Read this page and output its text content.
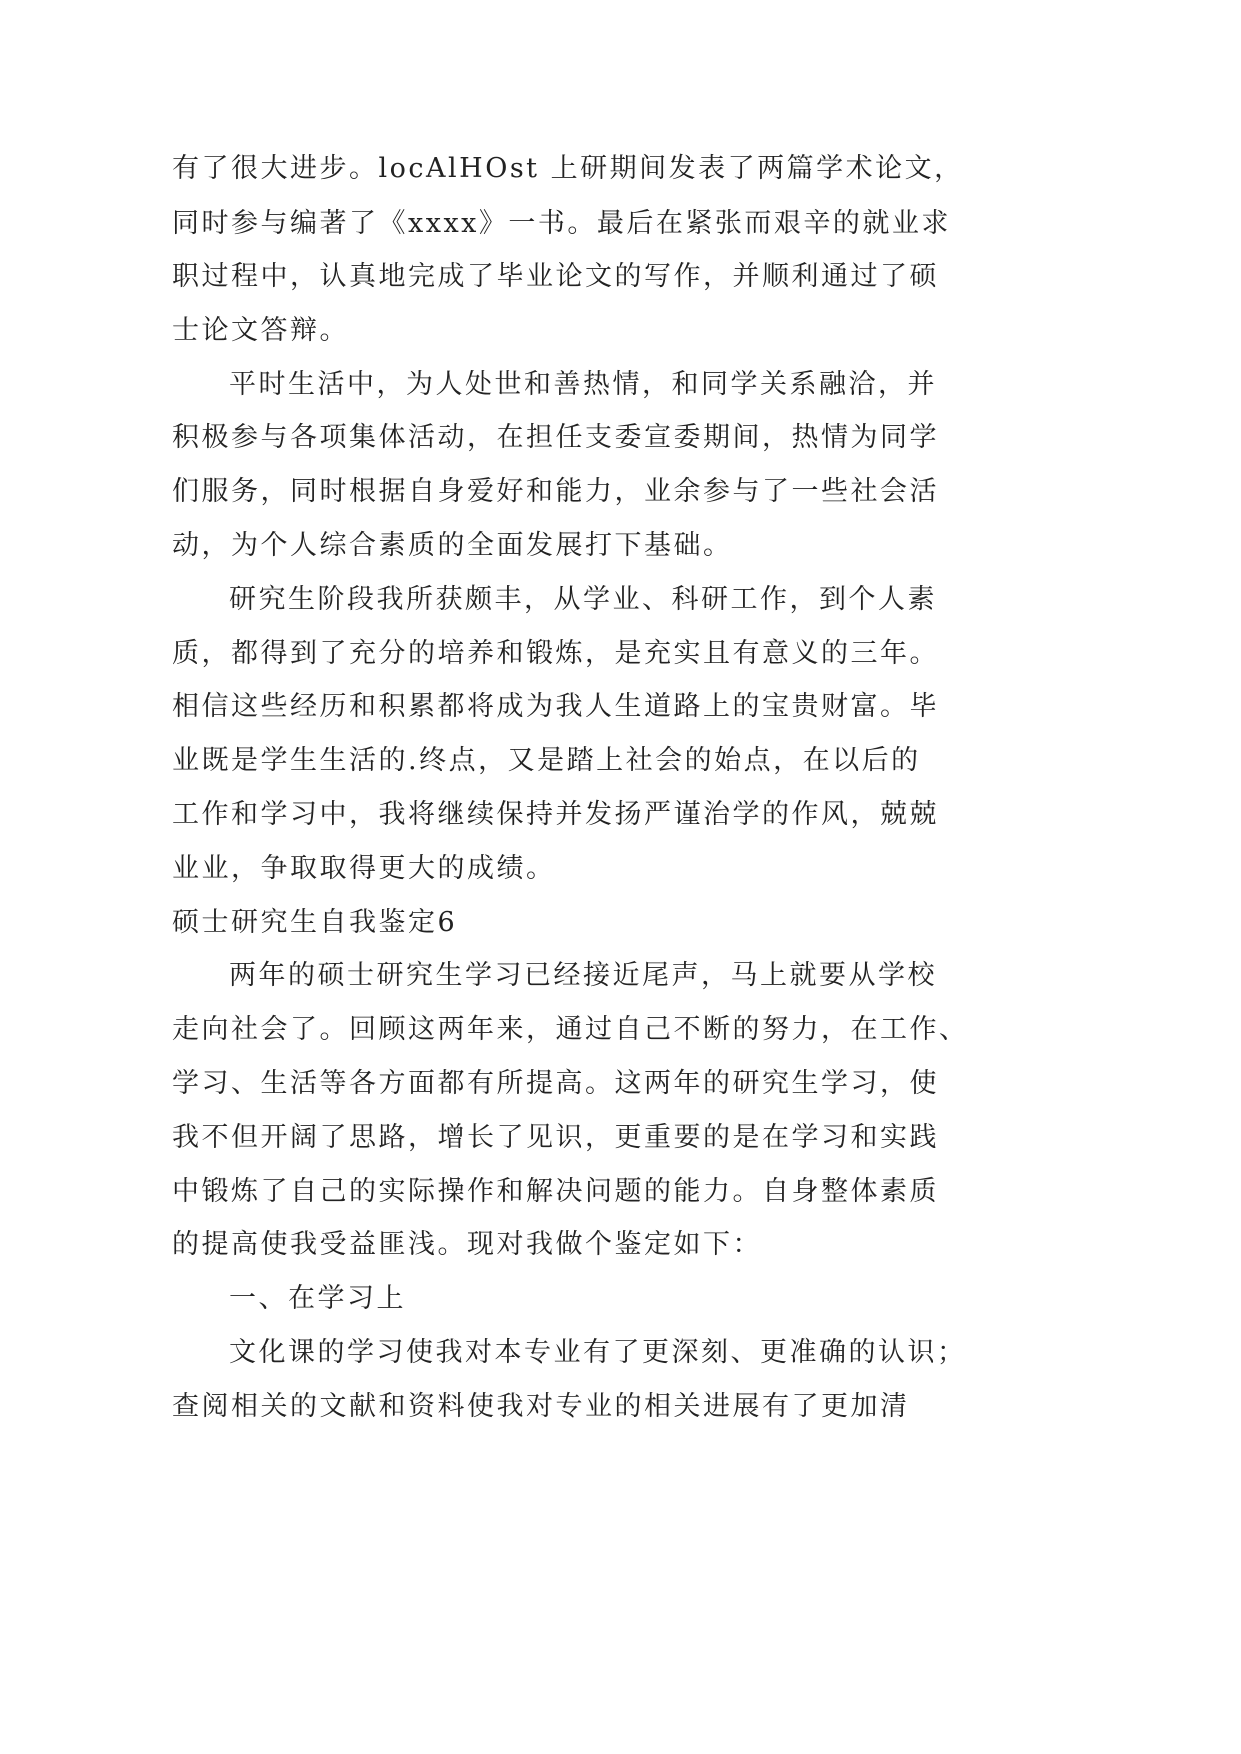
有了很大进步。locAlHOst 上研期间发表了两篇学术论文，
同时参与编著了《xxxx》一书。最后在紧张而艰辛的就业求
职过程中，认真地完成了毕业论文的写作，并顺利通过了硕
士论文答辩。
平时生活中，为人处世和善热情，和同学关系融洽，并
积极参与各项集体活动，在担任支委宣委期间，热情为同学
们服务，同时根据自身爱好和能力，业余参与了一些社会活
动，为个人综合素质的全面发展打下基础。
研究生阶段我所获颇丰，从学业、科研工作，到个人素
质，都得到了充分的培养和锻炼，是充实且有意义的三年。
相信这些经历和积累都将成为我人生道路上的宝贵财富。毕
业既是学生生活的.终点，又是踏上社会的始点，在以后的
工作和学习中，我将继续保持并发扬严谨治学的作风，兢兢
业业，争取取得更大的成绩。
硕士研究生自我鉴定6
两年的硕士研究生学习已经接近尾声，马上就要从学校
走向社会了。回顾这两年来，通过自己不断的努力，在工作、
学习、生活等各方面都有所提高。这两年的研究生学习，使
我不但开阔了思路，增长了见识，更重要的是在学习和实践
中锻炼了自己的实际操作和解决问题的能力。自身整体素质
的提高使我受益匪浅。现对我做个鉴定如下：
一、在学习上
文化课的学习使我对本专业有了更深刻、更准确的认识；
查阅相关的文献和资料使我对专业的相关进展有了更加清
